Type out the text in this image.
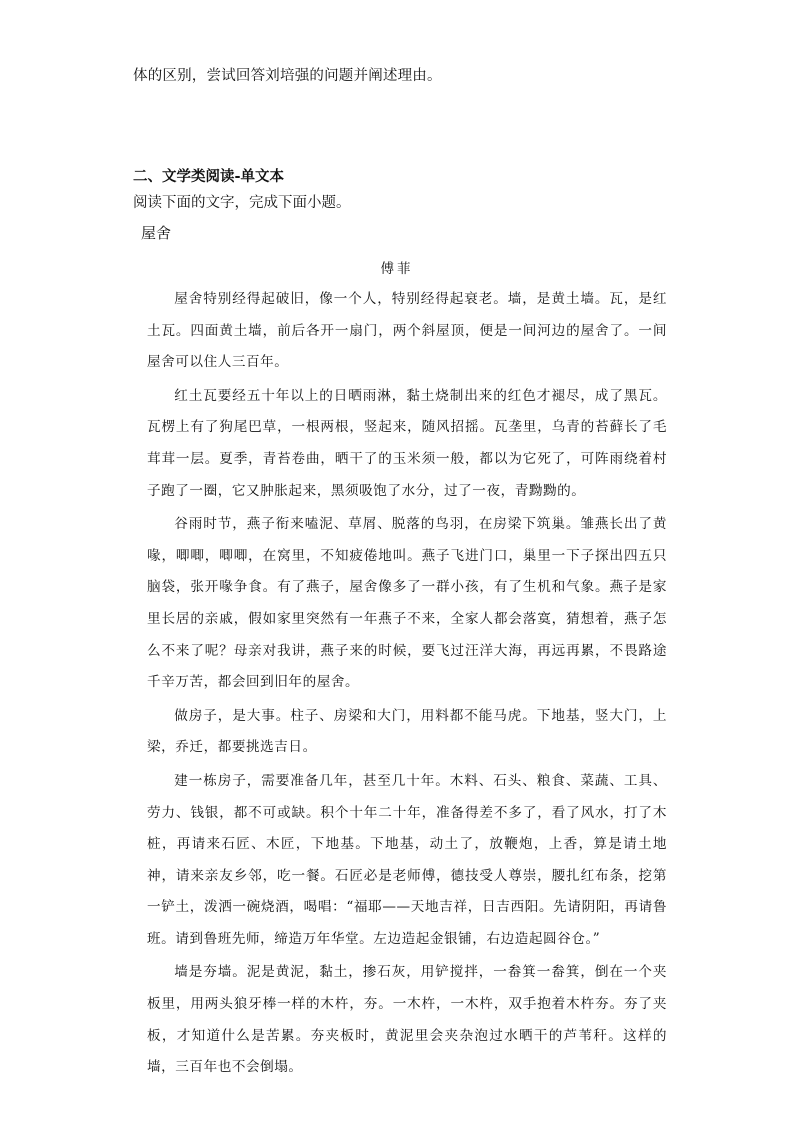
体的区别，尝试回答刘培强的问题并阐述理由。
二、文学类阅读-单文本
阅读下面的文字，完成下面小题。
屋舍
傅菲

屋舍特别经得起破旧，像一个人，特别经得起衰老。墙，是黄土墙。瓦，是红土瓦。四面黄土墙，前后各开一扇门，两个斜屋顶，便是一间河边的屋舍了。一间屋舍可以住人三百年。

红土瓦要经五十年以上的日晒雨淋，黏土烧制出来的红色才褪尽，成了黑瓦。瓦楞上有了狗尾巴草，一根两根，竖起来，随风招摇。瓦垄里，乌青的苔藓长了毛茸茸一层。夏季，青苔卷曲，晒干了的玉米须一般，都以为它死了，可阵雨绕着村子跑了一圈，它又肿胀起来，黑须吸饱了水分，过了一夜，青黝黝的。

谷雨时节，燕子衔来嗑泥、草屑、脱落的鸟羽，在房梁下筑巢。雏燕长出了黄喙，唧唧，唧唧，在窝里，不知疲倦地叫。燕子飞进门口，巢里一下子探出四五只脑袋，张开喙争食。有了燕子，屋舍像多了一群小孩，有了生机和气象。燕子是家里长居的亲戚，假如家里突然有一年燕子不来，全家人都会落寞，猜想着，燕子怎么不来了呢？母亲对我讲，燕子来的时候，要飞过汪洋大海，再远再累，不畏路途千辛万苦，都会回到旧年的屋舍。

做房子，是大事。柱子、房梁和大门，用料都不能马虎。下地基，竖大门，上梁，乔迁，都要挑选吉日。

建一栋房子，需要准备几年，甚至几十年。木料、石头、粮食、菜蔬、工具、劳力、钱银，都不可或缺。积个十年二十年，准备得差不多了，看了风水，打了木桩，再请来石匠、木匠，下地基。下地基，动土了，放鞭炮，上香，算是请土地神，请来亲友乡邻，吃一餐。石匠必是老师傅，德技受人尊崇，腰扎红布条，挖第一铲土，泼洒一碗烧酒，喝唱：“福耶——天地吉祥，日吉西阳。先请阴阳，再请鲁班。请到鲁班先师，缔造万年华堂。左边造起金银铺，右边造起圆谷仓。”

墙是夯墙。泥是黄泥，黏土，掺石灰，用铲搅拌，一畚箕一畚箕，倒在一个夹板里，用两头狼牙棒一样的木杵，夯。一木杵，一木杵，双手抱着木杵夯。夯了夹板，才知道什么是苦累。夯夹板时，黄泥里会夹杂泡过水晒干的芦苇秆。这样的墙，三百年也不会倒塌。
